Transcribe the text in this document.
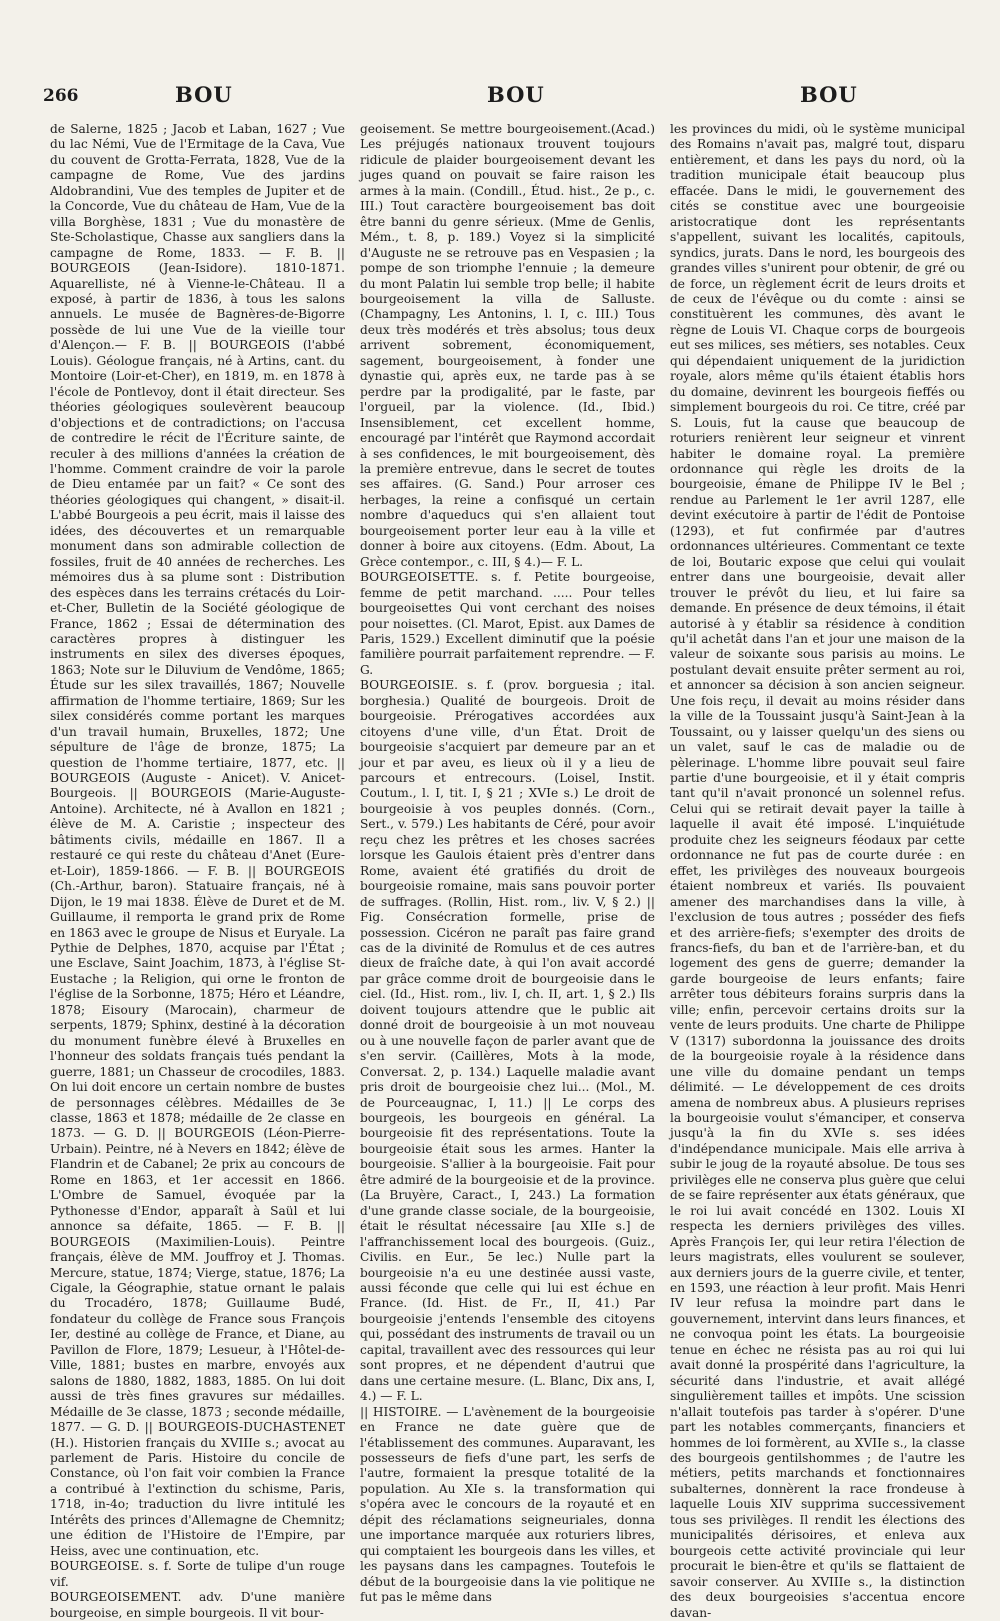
266	BOU	BOU	BOU

de Salerne, 1825 ; Jacob et Laban, 1627 ; Vue du lac Némi, Vue de l'Ermitage de la Cava, Vue du couvent de Grotta-Ferrata, 1828, Vue de la campagne de Rome, Vue des jardins Aldobrandini, Vue des temples de Jupiter et de la Concorde, Vue du château de Ham, Vue de la villa Borghèse, 1831 ; Vue du monastère de Ste-Scholastique, Chasse aux sangliers dans la campagne de Rome, 1833. — F. B. || BOURGEOIS (Jean-Isidore). 1810-1871. Aquarelliste, né à Vienne-le-Château. Il a exposé, à partir de 1836, à tous les salons annuels. Le musée de Bagnères-de-Bigorre possède de lui une Vue de la vieille tour d'Alençon.— F. B. || BOURGEOIS (l'abbé Louis). Géologue français, né à Artins, cant. du Montoire (Loir-et-Cher), en 1819, m. en 1878 à l'école de Pontlevoy, dont il était directeur. Ses théories géologiques soulevèrent beaucoup d'objections et de contradictions; on l'accusa de contredire le récit de l'Écriture sainte, de reculer à des millions d'années la création de l'homme. Comment craindre de voir la parole de Dieu entamée par un fait? « Ce sont des théories géologiques qui changent, » disait-il. L'abbé Bourgeois a peu écrit, mais il laisse des idées, des découvertes et un remarquable monument dans son admirable collection de fossiles, fruit de 40 années de recherches. Les mémoires dus à sa plume sont : Distribution des espèces dans les terrains crétacés du Loir-et-Cher, Bulletin de la Société géologique de France, 1862 ; Essai de détermination des caractères propres à distinguer les instruments en silex des diverses époques, 1863; Note sur le Diluvium de Vendôme, 1865; Étude sur les silex travaillés, 1867; Nouvelle affirmation de l'homme tertiaire, 1869; Sur les silex considérés comme portant les marques d'un travail humain, Bruxelles, 1872; Une sépulture de l'âge de bronze, 1875; La question de l'homme tertiaire, 1877, etc. || BOURGEOIS (Auguste - Anicet). V. Anicet-Bourgeois. || BOURGEOIS (Marie-Auguste-Antoine). Architecte, né à Avallon en 1821 ; élève de M. A. Caristie ; inspecteur des bâtiments civils, médaille en 1867. Il a restauré ce qui reste du château d'Anet (Eure-et-Loir), 1859-1866. — F. B. || BOURGEOIS (Ch.-Arthur, baron). Statuaire français, né à Dijon, le 19 mai 1838. Élève de Duret et de M. Guillaume, il remporta le grand prix de Rome en 1863 avec le groupe de Nisus et Euryale. La Pythie de Delphes, 1870, acquise par l'État ; une Esclave, Saint Joachim, 1873, à l'église St-Eustache ; la Religion, qui orne le fronton de l'église de la Sorbonne, 1875; Héro et Léandre, 1878; Eisoury (Marocain), charmeur de serpents, 1879; Sphinx, destiné à la décoration du monument funèbre élevé à Bruxelles en l'honneur des soldats français tués pendant la guerre, 1881; un Chasseur de crocodiles, 1883. On lui doit encore un certain nombre de bustes de personnages célèbres. Médailles de 3e classe, 1863 et 1878; médaille de 2e classe en 1873. — G. D. || BOURGEOIS (Léon-Pierre-Urbain). Peintre, né à Nevers en 1842; élève de Flandrin et de Cabanel; 2e prix au concours de Rome en 1863, et 1er accessit en 1866. L'Ombre de Samuel, évoquée par la Pythonesse d'Endor, apparaît à Saül et lui annonce sa défaite, 1865. — F. B. || BOURGEOIS (Maximilien-Louis). Peintre français, élève de MM. Jouffroy et J. Thomas. Mercure, statue, 1874; Vierge, statue, 1876; La Cigale, la Géographie, statue ornant le palais du Trocadéro, 1878; Guillaume Budé, fondateur du collège de France sous François Ier, destiné au collège de France, et Diane, au Pavillon de Flore, 1879; Lesueur, à l'Hôtel-de-Ville, 1881; bustes en marbre, envoyés aux salons de 1880, 1882, 1883, 1885. On lui doit aussi de très fines gravures sur médailles. Médaille de 3e classe, 1873 ; seconde médaille, 1877. — G. D. || BOURGEOIS-DUCHASTENET (H.). Historien français du XVIIIe s.; avocat au parlement de Paris. Histoire du concile de Constance, où l'on fait voir combien la France a contribué à l'extinction du schisme, Paris, 1718, in-4o; traduction du livre intitulé les Intérêts des princes d'Allemagne de Chemnitz; une édition de l'Histoire de l'Empire, par Heiss, avec une continuation, etc.

BOURGEOISE. s. f. Sorte de tulipe d'un rouge vif.

BOURGEOISEMENT. adv. D'une manière bourgeoise, en simple bourgeois. Il vit bour-

geoisement. Se mettre bourgeoisement.(Acad.) Les préjugés nationaux trouvent toujours ridicule de plaider bourgeoisement devant les juges quand on pouvait se faire raison les armes à la main. (Condill., Étud. hist., 2e p., c. III.) Tout caractère bourgeoisement bas doit être banni du genre sérieux. (Mme de Genlis, Mém., t. 8, p. 189.) Voyez si la simplicité d'Auguste ne se retrouve pas en Vespasien ; la pompe de son triomphe l'ennuie ; la demeure du mont Palatin lui semble trop belle; il habite bourgeoisement la villa de Salluste. (Champagny, Les Antonins, l. I, c. III.) Tous deux très modérés et très absolus; tous deux arrivent sobrement, économiquement, sagement, bourgeoisement, à fonder une dynastie qui, après eux, ne tarde pas à se perdre par la prodigalité, par le faste, par l'orgueil, par la violence. (Id., Ibid.) Insensiblement, cet excellent homme, encouragé par l'intérêt que Raymond accordait à ses confidences, le mit bourgeoisement, dès la première entrevue, dans le secret de toutes ses affaires. (G. Sand.) Pour arroser ces herbages, la reine a confisqué un certain nombre d'aqueducs qui s'en allaient tout bourgeoisement porter leur eau à la ville et donner à boire aux citoyens. (Edm. About, La Grèce contempor., c. III, § 4.)— F. L.

BOURGEOISETTE. s. f. Petite bourgeoise, femme de petit marchand. ..... Pour telles bourgeoisettes Qui vont cerchant des noises pour noisettes. (Cl. Marot, Epist. aux Dames de Paris, 1529.) Excellent diminutif que la poésie familière pourrait parfaitement reprendre. — F. G.

BOURGEOISIE. s. f. (prov. borguesia ; ital. borghesia.) Qualité de bourgeois. Droit de bourgeoisie. Prérogatives accordées aux citoyens d'une ville, d'un État. Droit de bourgeoisie s'acquiert par demeure par an et jour et par aveu, es lieux où il y a lieu de parcours et entrecours. (Loisel, Instit. Coutum., l. I, tit. I, § 21 ; XVIe s.) Le droit de bourgeoisie à vos peuples donnés. (Corn., Sert., v. 579.) Les habitants de Céré, pour avoir reçu chez les prêtres et les choses sacrées lorsque les Gaulois étaient près d'entrer dans Rome, avaient été gratifiés du droit de bourgeoisie romaine, mais sans pouvoir porter de suffrages. (Rollin, Hist. rom., liv. V, § 2.) || Fig. Consécration formelle, prise de possession. Cicéron ne paraît pas faire grand cas de la divinité de Romulus et de ces autres dieux de fraîche date, à qui l'on avait accordé par grâce comme droit de bourgeoisie dans le ciel. (Id., Hist. rom., liv. I, ch. II, art. 1, § 2.) Ils doivent toujours attendre que le public ait donné droit de bourgeoisie à un mot nouveau ou à une nouvelle façon de parler avant que de s'en servir. (Caillères, Mots à la mode, Conversat. 2, p. 134.) Laquelle maladie avant pris droit de bourgeoisie chez lui... (Mol., M. de Pourceaugnac, I, 11.) || Le corps des bourgeois, les bourgeois en général. La bourgeoisie fit des représentations. Toute la bourgeoisie était sous les armes. Hanter la bourgeoisie. S'allier à la bourgeoisie. Fait pour être admiré de la bourgeoisie et de la province. (La Bruyère, Caract., I, 243.) La formation d'une grande classe sociale, de la bourgeoisie, était le résultat nécessaire [au XIIe s.] de l'affranchissement local des bourgeois. (Guiz., Civilis. en Eur., 5e lec.) Nulle part la bourgeoisie n'a eu une destinée aussi vaste, aussi féconde que celle qui lui est échue en France. (Id. Hist. de Fr., II, 41.) Par bourgeoisie j'entends l'ensemble des citoyens qui, possédant des instruments de travail ou un capital, travaillent avec des ressources qui leur sont propres, et ne dépendent d'autrui que dans une certaine mesure. (L. Blanc, Dix ans, I, 4.) — F. L.

|| HISTOIRE. — L'avènement de la bourgeoisie en France ne date guère que de l'établissement des communes. Auparavant, les possesseurs de fiefs d'une part, les serfs de l'autre, formaient la presque totalité de la population. Au XIe s. la transformation qui s'opéra avec le concours de la royauté et en dépit des réclamations seigneuriales, donna une importance marquée aux roturiers libres, qui comptaient les bourgeois dans les villes, et les paysans dans les campagnes. Toutefois le début de la bourgeoisie dans la vie politique ne fut pas le même dans

les provinces du midi, où le système municipal des Romains n'avait pas, malgré tout, disparu entièrement, et dans les pays du nord, où la tradition municipale était beaucoup plus effacée. Dans le midi, le gouvernement des cités se constitue avec une bourgeoisie aristocratique dont les représentants s'appellent, suivant les localités, capitouls, syndics, jurats. Dans le nord, les bourgeois des grandes villes s'unirent pour obtenir, de gré ou de force, un règlement écrit de leurs droits et de ceux de l'évêque ou du comte : ainsi se constituèrent les communes, dès avant le règne de Louis VI. Chaque corps de bourgeois eut ses milices, ses métiers, ses notables. Ceux qui dépendaient uniquement de la juridiction royale, alors même qu'ils étaient établis hors du domaine, devinrent les bourgeois fieffés ou simplement bourgeois du roi. Ce titre, créé par S. Louis, fut la cause que beaucoup de roturiers renièrent leur seigneur et vinrent habiter le domaine royal. La première ordonnance qui règle les droits de la bourgeoisie, émane de Philippe IV le Bel ; rendue au Parlement le 1er avril 1287, elle devint exécutoire à partir de l'édit de Pontoise (1293), et fut confirmée par d'autres ordonnances ultérieures. Commentant ce texte de loi, Boutaric expose que celui qui voulait entrer dans une bourgeoisie, devait aller trouver le prévôt du lieu, et lui faire sa demande. En présence de deux témoins, il était autorisé à y établir sa résidence à condition qu'il achetât dans l'an et jour une maison de la valeur de soixante sous parisis au moins. Le postulant devait ensuite prêter serment au roi, et annoncer sa décision à son ancien seigneur. Une fois reçu, il devait au moins résider dans la ville de la Toussaint jusqu'à Saint-Jean à la Toussaint, ou y laisser quelqu'un des siens ou un valet, sauf le cas de maladie ou de pèlerinage. L'homme libre pouvait seul faire partie d'une bourgeoisie, et il y était compris tant qu'il n'avait prononcé un solennel refus. Celui qui se retirait devait payer la taille à laquelle il avait été imposé. L'inquiétude produite chez les seigneurs féodaux par cette ordonnance ne fut pas de courte durée : en effet, les privilèges des nouveaux bourgeois étaient nombreux et variés. Ils pouvaient amener des marchandises dans la ville, à l'exclusion de tous autres ; posséder des fiefs et des arrière-fiefs; s'exempter des droits de francs-fiefs, du ban et de l'arrière-ban, et du logement des gens de guerre; demander la garde bourgeoise de leurs enfants; faire arrêter tous débiteurs forains surpris dans la ville; enfin, percevoir certains droits sur la vente de leurs produits. Une charte de Philippe V (1317) subordonna la jouissance des droits de la bourgeoisie royale à la résidence dans une ville du domaine pendant un temps délimité. — Le développement de ces droits amena de nombreux abus. A plusieurs reprises la bourgeoisie voulut s'émanciper, et conserva jusqu'à la fin du XVIe s. ses idées d'indépendance municipale. Mais elle arriva à subir le joug de la royauté absolue. De tous ses privilèges elle ne conserva plus guère que celui de se faire représenter aux états généraux, que le roi lui avait concédé en 1302. Louis XI respecta les derniers privilèges des villes. Après François Ier, qui leur retira l'élection de leurs magistrats, elles voulurent se soulever, aux derniers jours de la guerre civile, et tenter, en 1593, une réaction à leur profit. Mais Henri IV leur refusa la moindre part dans le gouvernement, intervint dans leurs finances, et ne convoqua point les états. La bourgeoisie tenue en échec ne résista pas au roi qui lui avait donné la prospérité dans l'agriculture, la sécurité dans l'industrie, et avait allégé singulièrement tailles et impôts. Une scission n'allait toutefois pas tarder à s'opérer. D'une part les notables commerçants, financiers et hommes de loi formèrent, au XVIIe s., la classe des bourgeois gentilshommes ; de l'autre les métiers, petits marchands et fonctionnaires subalternes, donnèrent la race frondeuse à laquelle Louis XIV supprima successivement tous ses privilèges. Il rendit les élections des municipalités dérisoires, et enleva aux bourgeois cette activité provinciale qui leur procurait le bien-être et qu'ils se flattaient de savoir conserver. Au XVIIIe s., la distinction des deux bourgeoisies s'accentua encore davan-
